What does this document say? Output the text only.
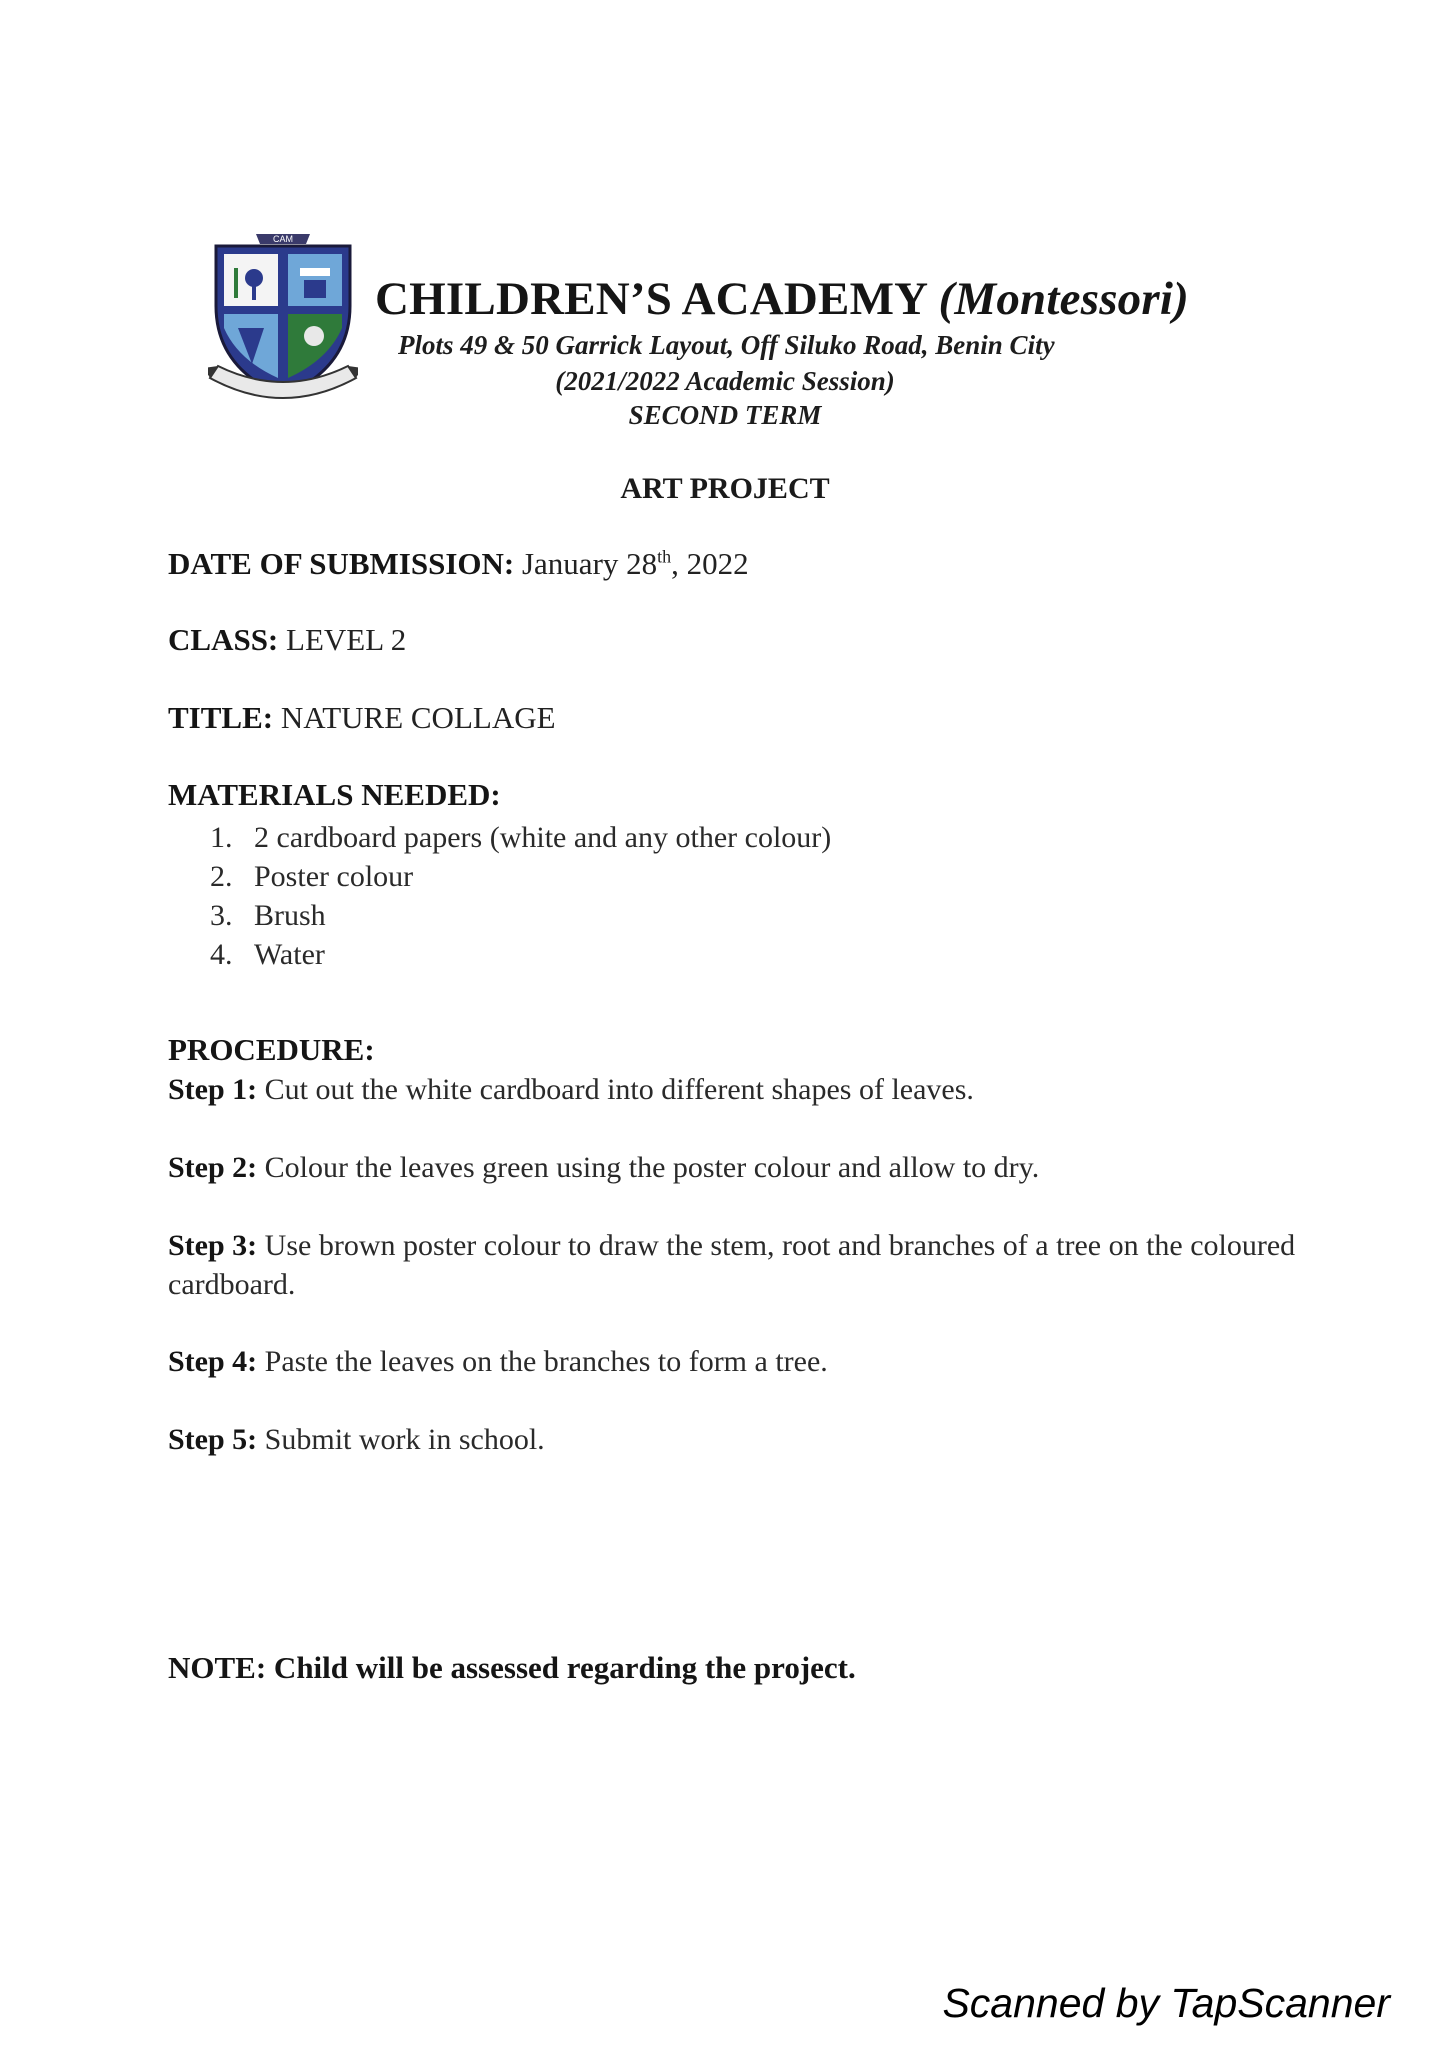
CAM
CHILDREN’S ACADEMY (Montessori)
Plots 49 & 50 Garrick Layout, Off Siluko Road, Benin City
(2021/2022 Academic Session)
SECOND TERM
ART PROJECT
DATE OF SUBMISSION: January 28th, 2022
CLASS: LEVEL 2
TITLE: NATURE COLLAGE
MATERIALS NEEDED:
1. 2 cardboard papers (white and any other colour)
2. Poster colour
3. Brush
4. Water
PROCEDURE:
Step 1: Cut out the white cardboard into different shapes of leaves.
Step 2: Colour the leaves green using the poster colour and allow to dry.
Step 3: Use brown poster colour to draw the stem, root and branches of a tree on the coloured cardboard.
Step 4: Paste the leaves on the branches to form a tree.
Step 5: Submit work in school.
NOTE: Child will be assessed regarding the project.
Scanned by TapScanner
